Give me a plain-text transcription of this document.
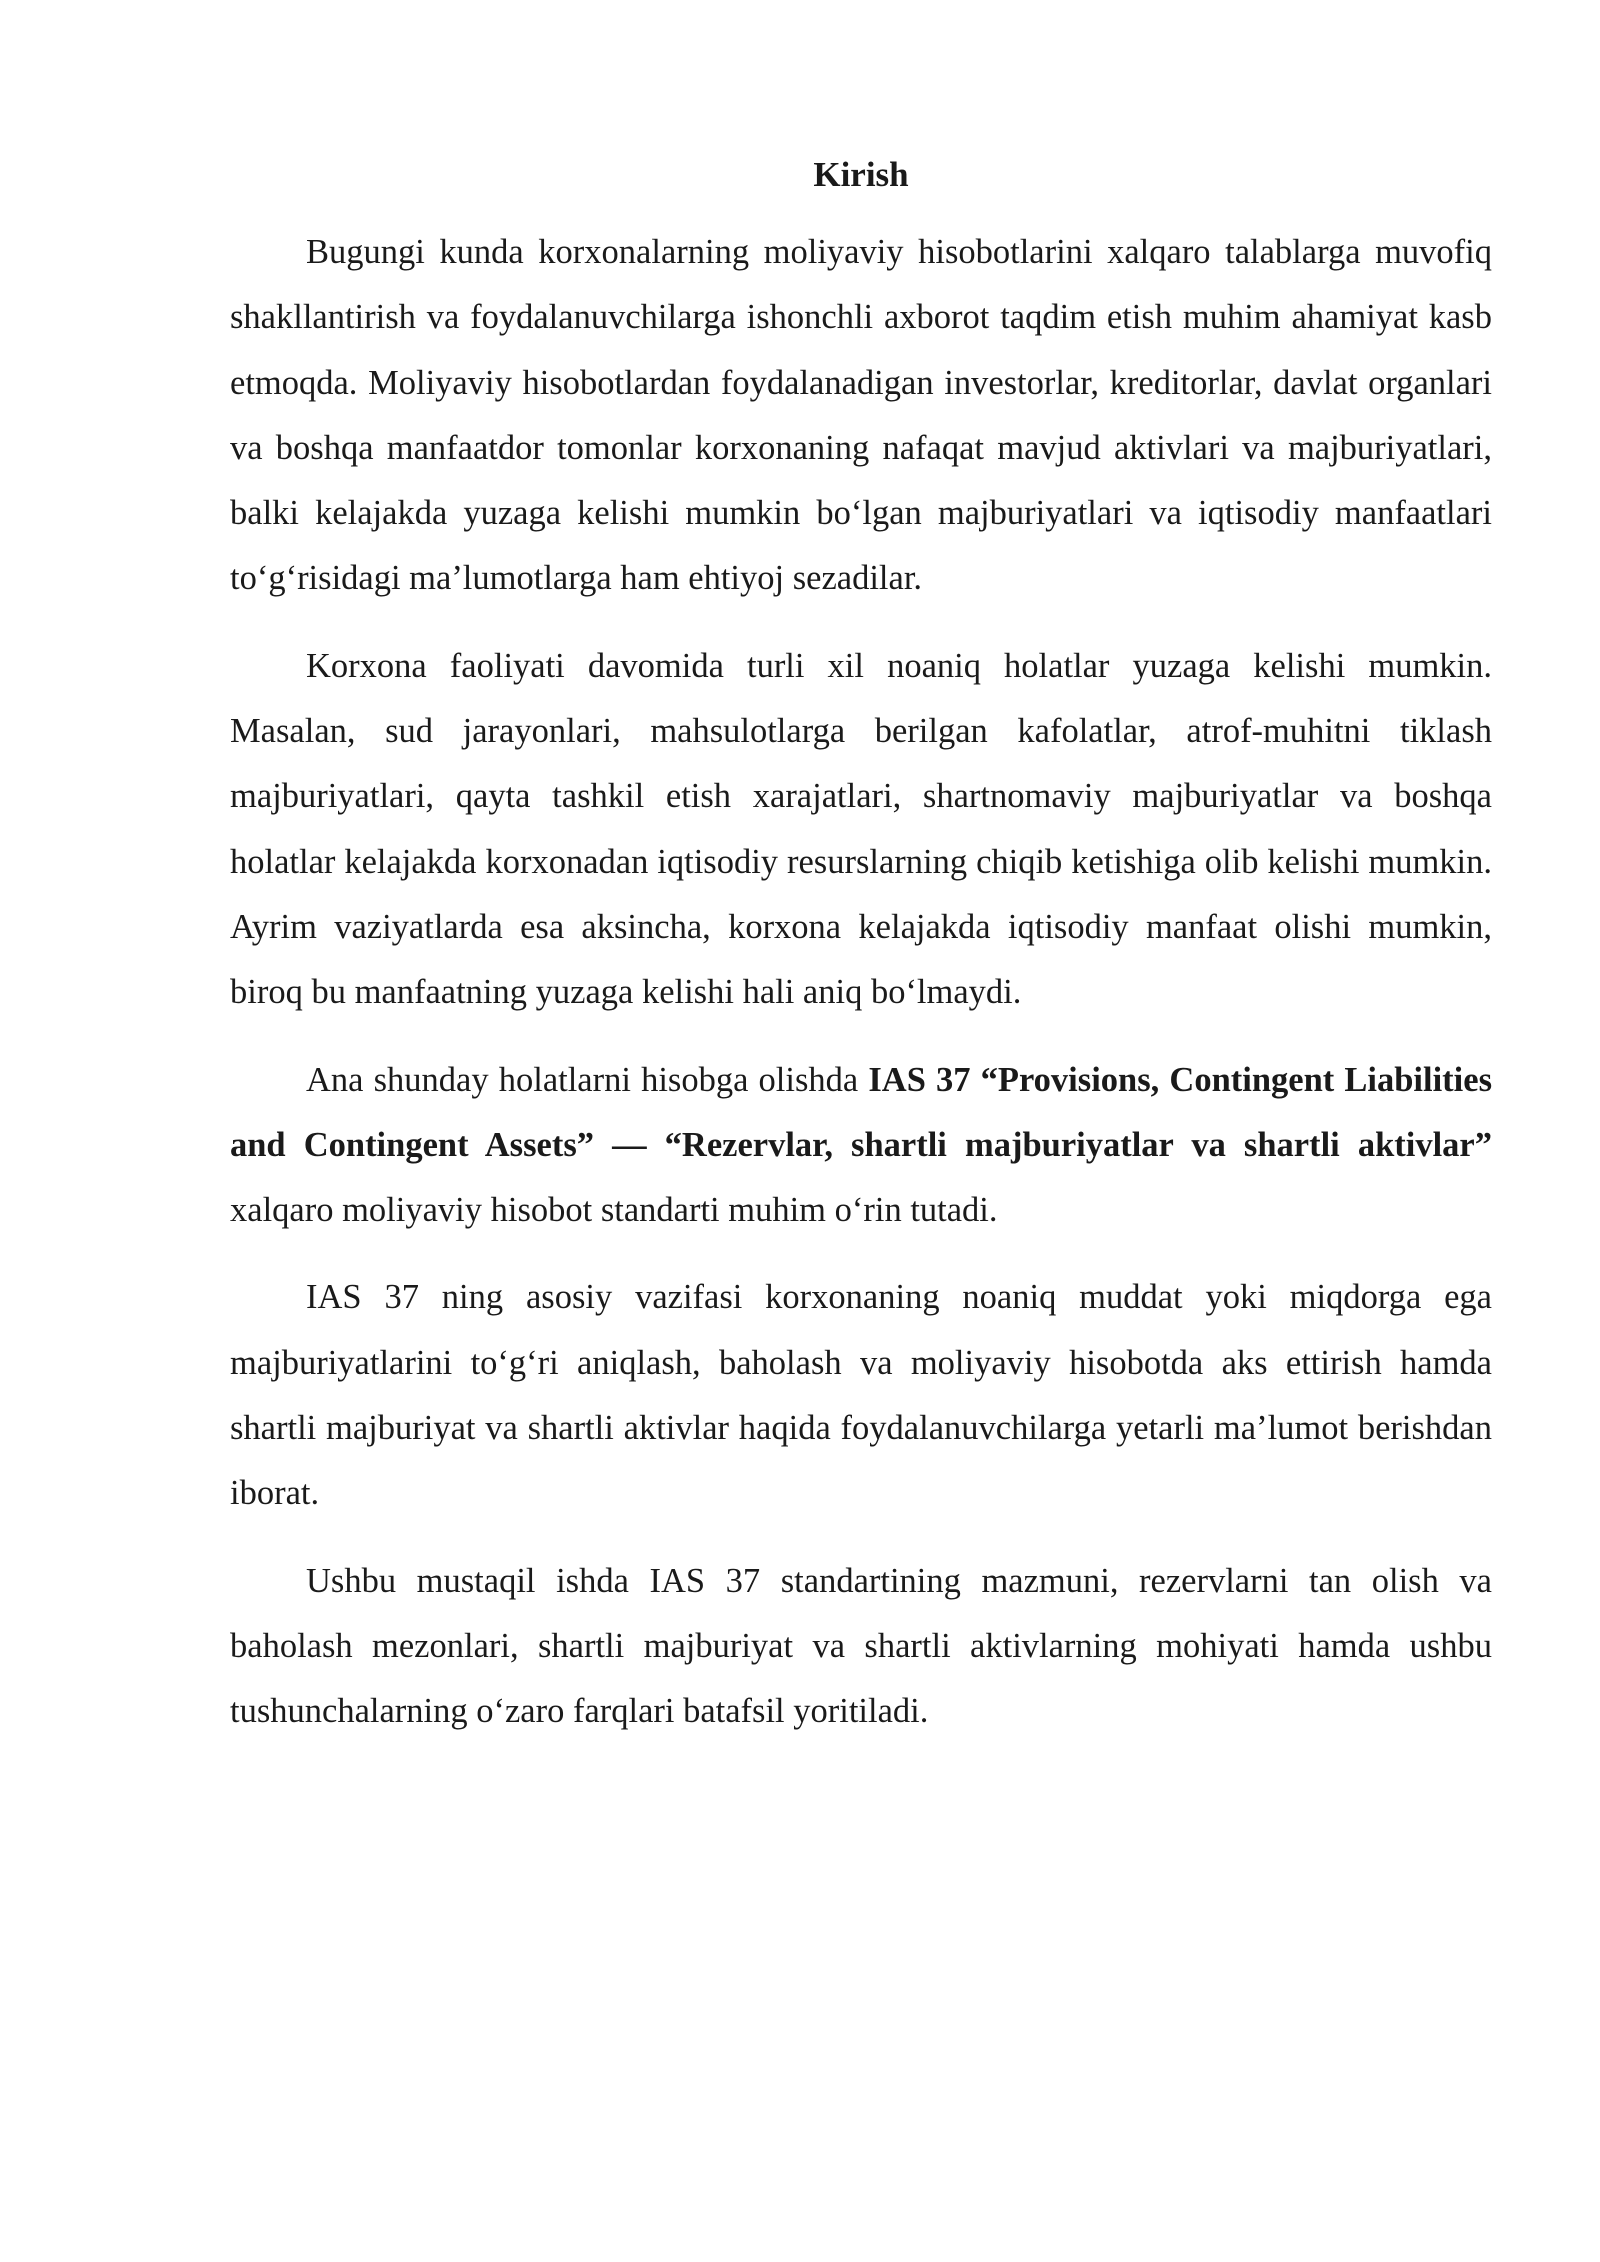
Kirish

Bugungi kunda korxonalarning moliyaviy hisobotlarini xalqaro talablarga muvofiq shakllantirish va foydalanuvchilarga ishonchli axborot taqdim etish muhim ahamiyat kasb etmoqda. Moliyaviy hisobotlardan foydalanadigan investorlar, kreditorlar, davlat organlari va boshqa manfaatdor tomonlar korxonaning nafaqat mavjud aktivlari va majburiyatlari, balki kelajakda yuzaga kelishi mumkin bo‘lgan majburiyatlari va iqtisodiy manfaatlari to‘g‘risidagi ma’lumotlarga ham ehtiyoj sezadilar.

Korxona faoliyati davomida turli xil noaniq holatlar yuzaga kelishi mumkin. Masalan, sud jarayonlari, mahsulotlarga berilgan kafolatlar, atrof-muhitni tiklash majburiyatlari, qayta tashkil etish xarajatlari, shartnomaviy majburiyatlar va boshqa holatlar kelajakda korxonadan iqtisodiy resurslarning chiqib ketishiga olib kelishi mumkin. Ayrim vaziyatlarda esa aksincha, korxona kelajakda iqtisodiy manfaat olishi mumkin, biroq bu manfaatning yuzaga kelishi hali aniq bo‘lmaydi.

Ana shunday holatlarni hisobga olishda IAS 37 “Provisions, Contingent Liabilities and Contingent Assets” — “Rezervlar, shartli majburiyatlar va shartli aktivlar” xalqaro moliyaviy hisobot standarti muhim o‘rin tutadi.

IAS 37 ning asosiy vazifasi korxonaning noaniq muddat yoki miqdorga ega majburiyatlarini to‘g‘ri aniqlash, baholash va moliyaviy hisobotda aks ettirish hamda shartli majburiyat va shartli aktivlar haqida foydalanuvchilarga yetarli ma’lumot berishdan iborat.

Ushbu mustaqil ishda IAS 37 standartining mazmuni, rezervlarni tan olish va baholash mezonlari, shartli majburiyat va shartli aktivlarning mohiyati hamda ushbu tushunchalarning o‘zaro farqlari batafsil yoritiladi.
